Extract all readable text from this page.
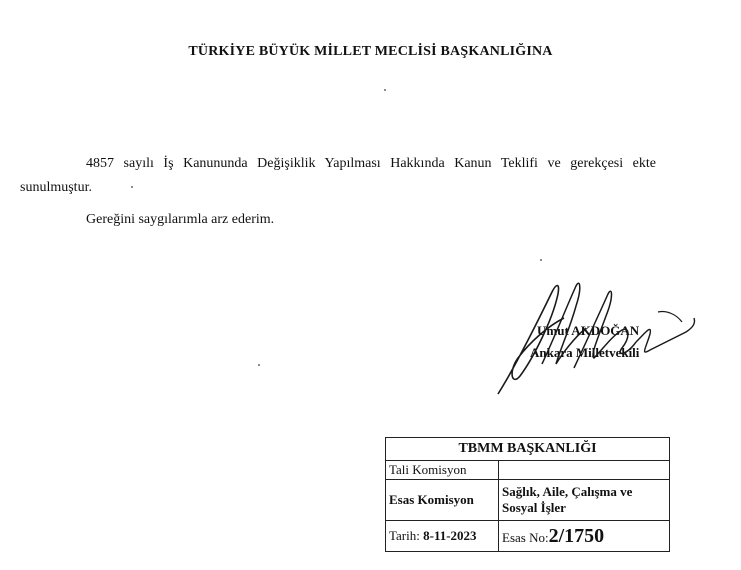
TÜRKİYE BÜYÜK MİLLET MECLİSİ BAŞKANLIĞINA
4857 sayılı İş Kanununda Değişiklik Yapılması Hakkında Kanun Teklifi ve gerekçesi ekte sunulmuştur.
Gereğini saygılarımla arz ederim.
Umut AKDOĞAN
Ankara Milletvekili
TBMM BAŞKANLIĞI	
Tali Komisyon	
Esas Komisyon	Sağlık, Aile, Çalışma ve Sosyal İşler
Tarih: 8-11-2023	Esas No:2/1750
